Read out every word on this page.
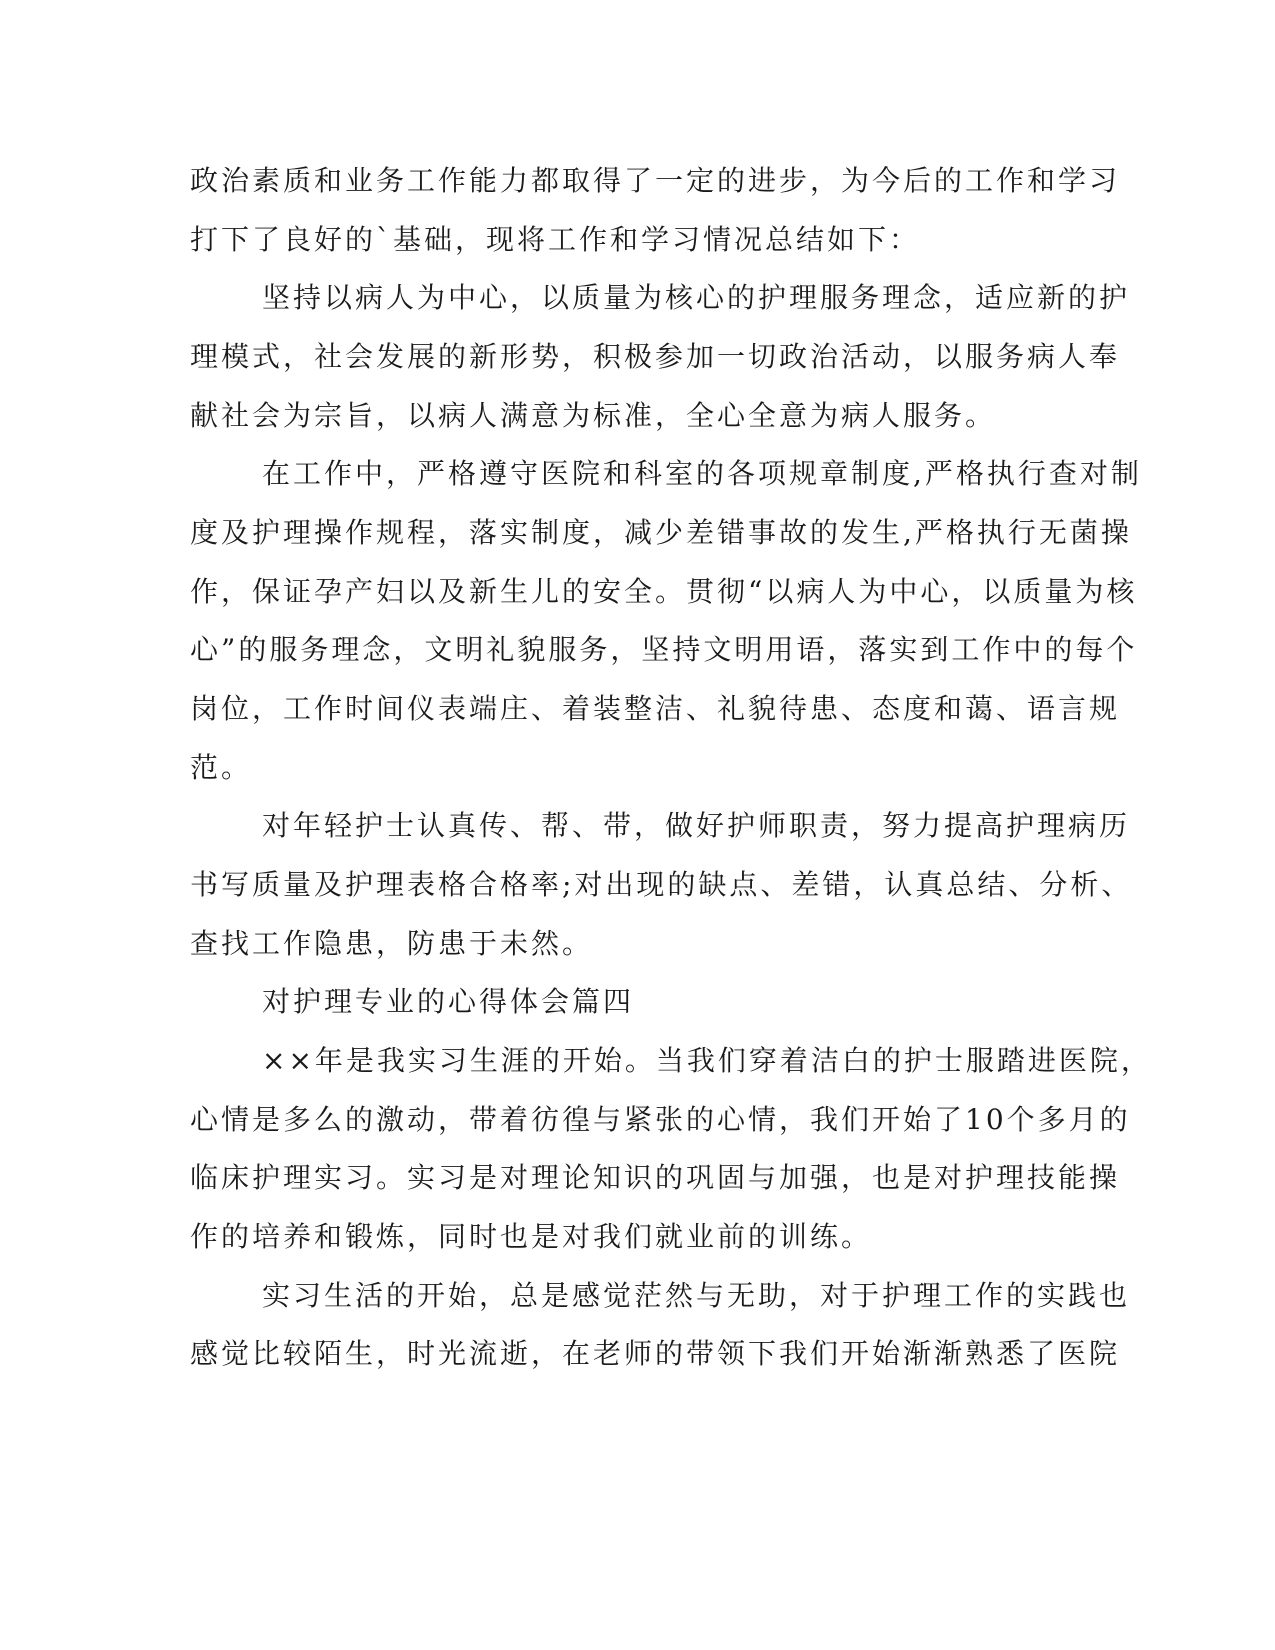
政治素质和业务工作能力都取得了一定的进步，为今后的工作和学习

打下了良好的`基础，现将工作和学习情况总结如下：

坚持以病人为中心，以质量为核心的护理服务理念，适应新的护

理模式，社会发展的新形势，积极参加一切政治活动，以服务病人奉

献社会为宗旨，以病人满意为标准，全心全意为病人服务。

在工作中，严格遵守医院和科室的各项规章制度,严格执行查对制

度及护理操作规程，落实制度，减少差错事故的发生,严格执行无菌操

作，保证孕产妇以及新生儿的安全。贯彻“以病人为中心，以质量为核

心”的服务理念，文明礼貌服务，坚持文明用语，落实到工作中的每个

岗位，工作时间仪表端庄、着装整洁、礼貌待患、态度和蔼、语言规

范。

对年轻护士认真传、帮、带，做好护师职责，努力提高护理病历

书写质量及护理表格合格率;对出现的缺点、差错，认真总结、分析、

查找工作隐患，防患于未然。

对护理专业的心得体会篇四

××年是我实习生涯的开始。当我们穿着洁白的护士服踏进医院，

心情是多么的激动，带着彷徨与紧张的心情，我们开始了10个多月的

临床护理实习。实习是对理论知识的巩固与加强，也是对护理技能操

作的培养和锻炼，同时也是对我们就业前的训练。

实习生活的开始，总是感觉茫然与无助，对于护理工作的实践也

感觉比较陌生，时光流逝，在老师的带领下我们开始渐渐熟悉了医院
